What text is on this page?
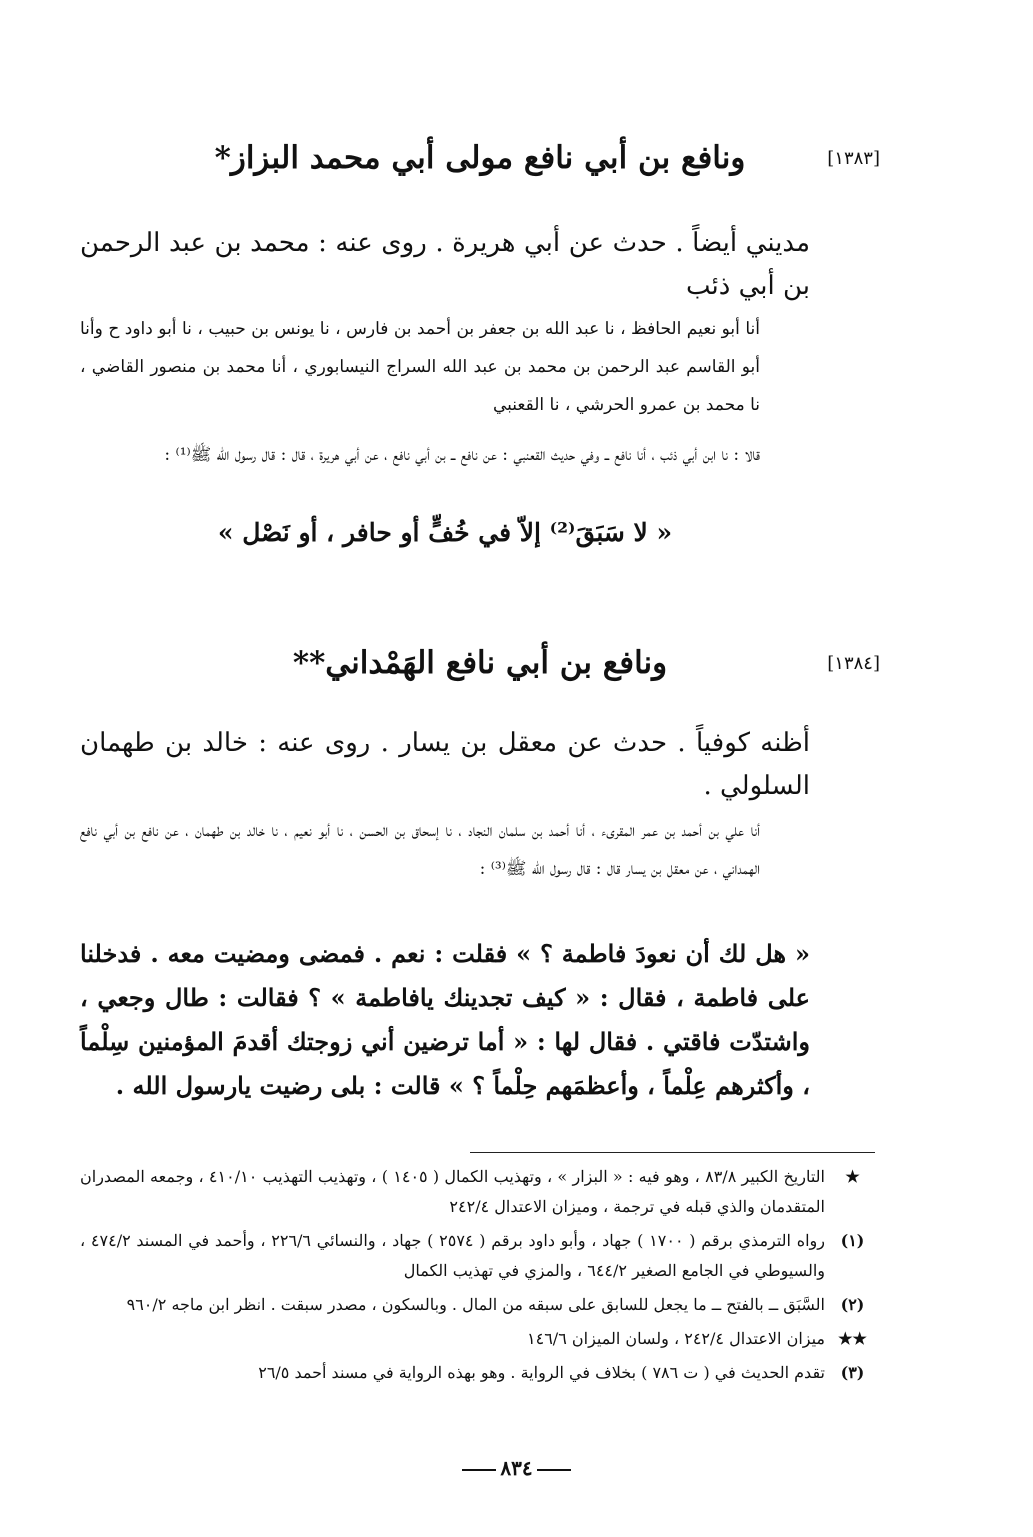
[١٣٨٣]
ونافع بن أبي نافع مولى أبي محمد البزاز*
مديني أيضاً . حدث عن أبي هريرة . روى عنه : محمد بن عبد الرحمن بن أبي ذئب
أنا أبو نعيم الحافظ ، نا عبد الله بن جعفر بن أحمد بن فارس ، نا يونس بن حبيب ، نا أبو داود ح وأنا أبو القاسم عبد الرحمن بن محمد بن عبد الله السراج النيسابوري ، أنا محمد بن منصور القاضي ، نا محمد بن عمرو الحرشي ، نا القعنبي
قالا : نا ابن أبي ذئب ، أنا نافع ــ وفي حديث القعنبي : عن نافع ــ بن أبي نافع ، عن أبي هريرة ، قال : قال رسول الله ﷺ⁽¹⁾ :
« لا سَبَقَ⁽²⁾ إلاّ في خُفٍّ أو حافر ، أو نَصْل »
[١٣٨٤]
ونافع بن أبي نافع الهَمْداني**
أظنه كوفياً . حدث عن معقل بن يسار . روى عنه : خالد بن طهمان السلولي .
أنا علي بن أحمد بن عمر المقرىء ، أنا أحمد بن سلمان النجاد ، نا إسحاق بن الحسن ، نا أبو نعيم ، نا خالد بن طهمان ، عن نافع بن أبي نافع الهمداني ، عن معقل بن يسار قال : قال رسول الله ﷺ⁽³⁾ :
« هل لك أن نعودَ فاطمة ؟ » فقلت : نعم . فمضى ومضيت معه . فدخلنا على فاطمة ، فقال : « كيف تجدينك يافاطمة » ؟ فقالت : طال وجعي ، واشتدّت فاقتي . فقال لها : « أما ترضين أني زوجتك أقدمَ المؤمنين سِلْماً ، وأكثرهم عِلْماً ، وأعظمَهم حِلْماً ؟ » قالت : بلى رضيت يارسول الله .
★
التاريخ الكبير ٨٣/٨ ، وهو فيه : « البزار » ، وتهذيب الكمال ( ١٤٠٥ ) ، وتهذيب التهذيب ٤١٠/١٠ ، وجمعه المصدران المتقدمان والذي قبله في ترجمة ، وميزان الاعتدال ٢٤٢/٤
(١)
رواه الترمذي برقم ( ١٧٠٠ ) جهاد ، وأبو داود برقم ( ٢٥٧٤ ) جهاد ، والنسائي ٢٢٦/٦ ، وأحمد في المسند ٤٧٤/٢ ، والسيوطي في الجامع الصغير ٦٤٤/٢ ، والمزي في تهذيب الكمال
(٢)
السَّبَق ــ بالفتح ــ ما يجعل للسابق على سبقه من المال . وبالسكون ، مصدر سبقت . انظر ابن ماجه ٩٦٠/٢
★★
ميزان الاعتدال ٢٤٢/٤ ، ولسان الميزان ١٤٦/٦
(٣)
تقدم الحديث في ( ت ٧٨٦ ) بخلاف في الرواية . وهو بهذه الرواية في مسند أحمد ٢٦/٥
٨٣٤
